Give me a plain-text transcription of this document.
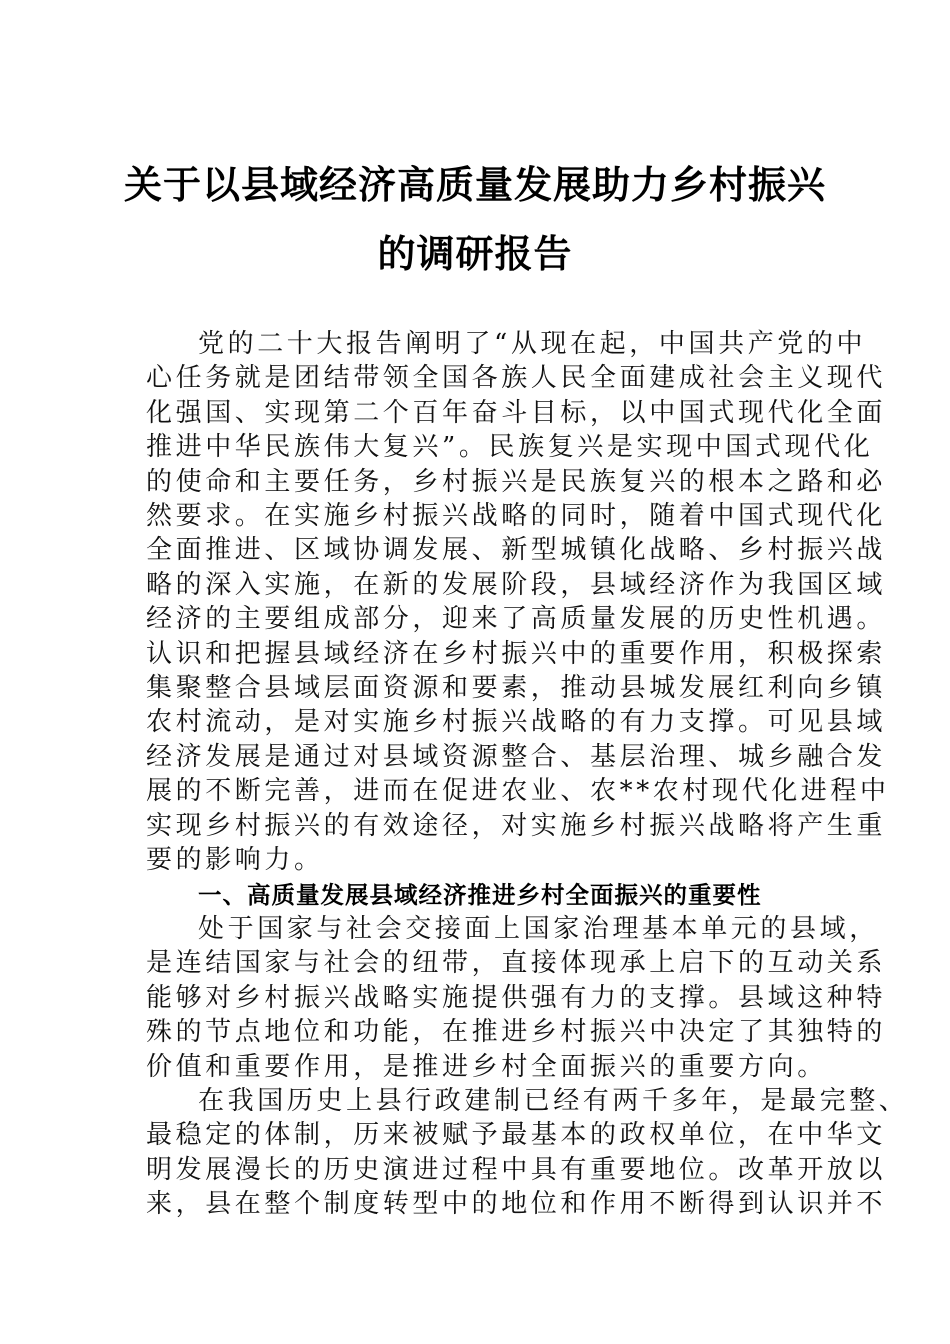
关于以县域经济高质量发展助力乡村振兴
的调研报告
党的二十大报告阐明了“从现在起，中国共产党的中
心任务就是团结带领全国各族人民全面建成社会主义现代
化强国、实现第二个百年奋斗目标，以中国式现代化全面
推进中华民族伟大复兴”。民族复兴是实现中国式现代化
的使命和主要任务，乡村振兴是民族复兴的根本之路和必
然要求。在实施乡村振兴战略的同时，随着中国式现代化
全面推进、区域协调发展、新型城镇化战略、乡村振兴战
略的深入实施，在新的发展阶段，县域经济作为我国区域
经济的主要组成部分，迎来了高质量发展的历史性机遇。
认识和把握县域经济在乡村振兴中的重要作用，积极探索
集聚整合县域层面资源和要素，推动县城发展红利向乡镇
农村流动，是对实施乡村振兴战略的有力支撑。可见县域
经济发展是通过对县域资源整合、基层治理、城乡融合发
展的不断完善，进而在促进农业、农**农村现代化进程中
实现乡村振兴的有效途径，对实施乡村振兴战略将产生重
要的影响力。
一、高质量发展县域经济推进乡村全面振兴的重要性
处于国家与社会交接面上国家治理基本单元的县域，
是连结国家与社会的纽带，直接体现承上启下的互动关系
能够对乡村振兴战略实施提供强有力的支撑。县域这种特
殊的节点地位和功能，在推进乡村振兴中决定了其独特的
价值和重要作用，是推进乡村全面振兴的重要方向。
在我国历史上县行政建制已经有两千多年，是最完整、
最稳定的体制，历来被赋予最基本的政权单位，在中华文
明发展漫长的历史演进过程中具有重要地位。改革开放以
来，县在整个制度转型中的地位和作用不断得到认识并不
